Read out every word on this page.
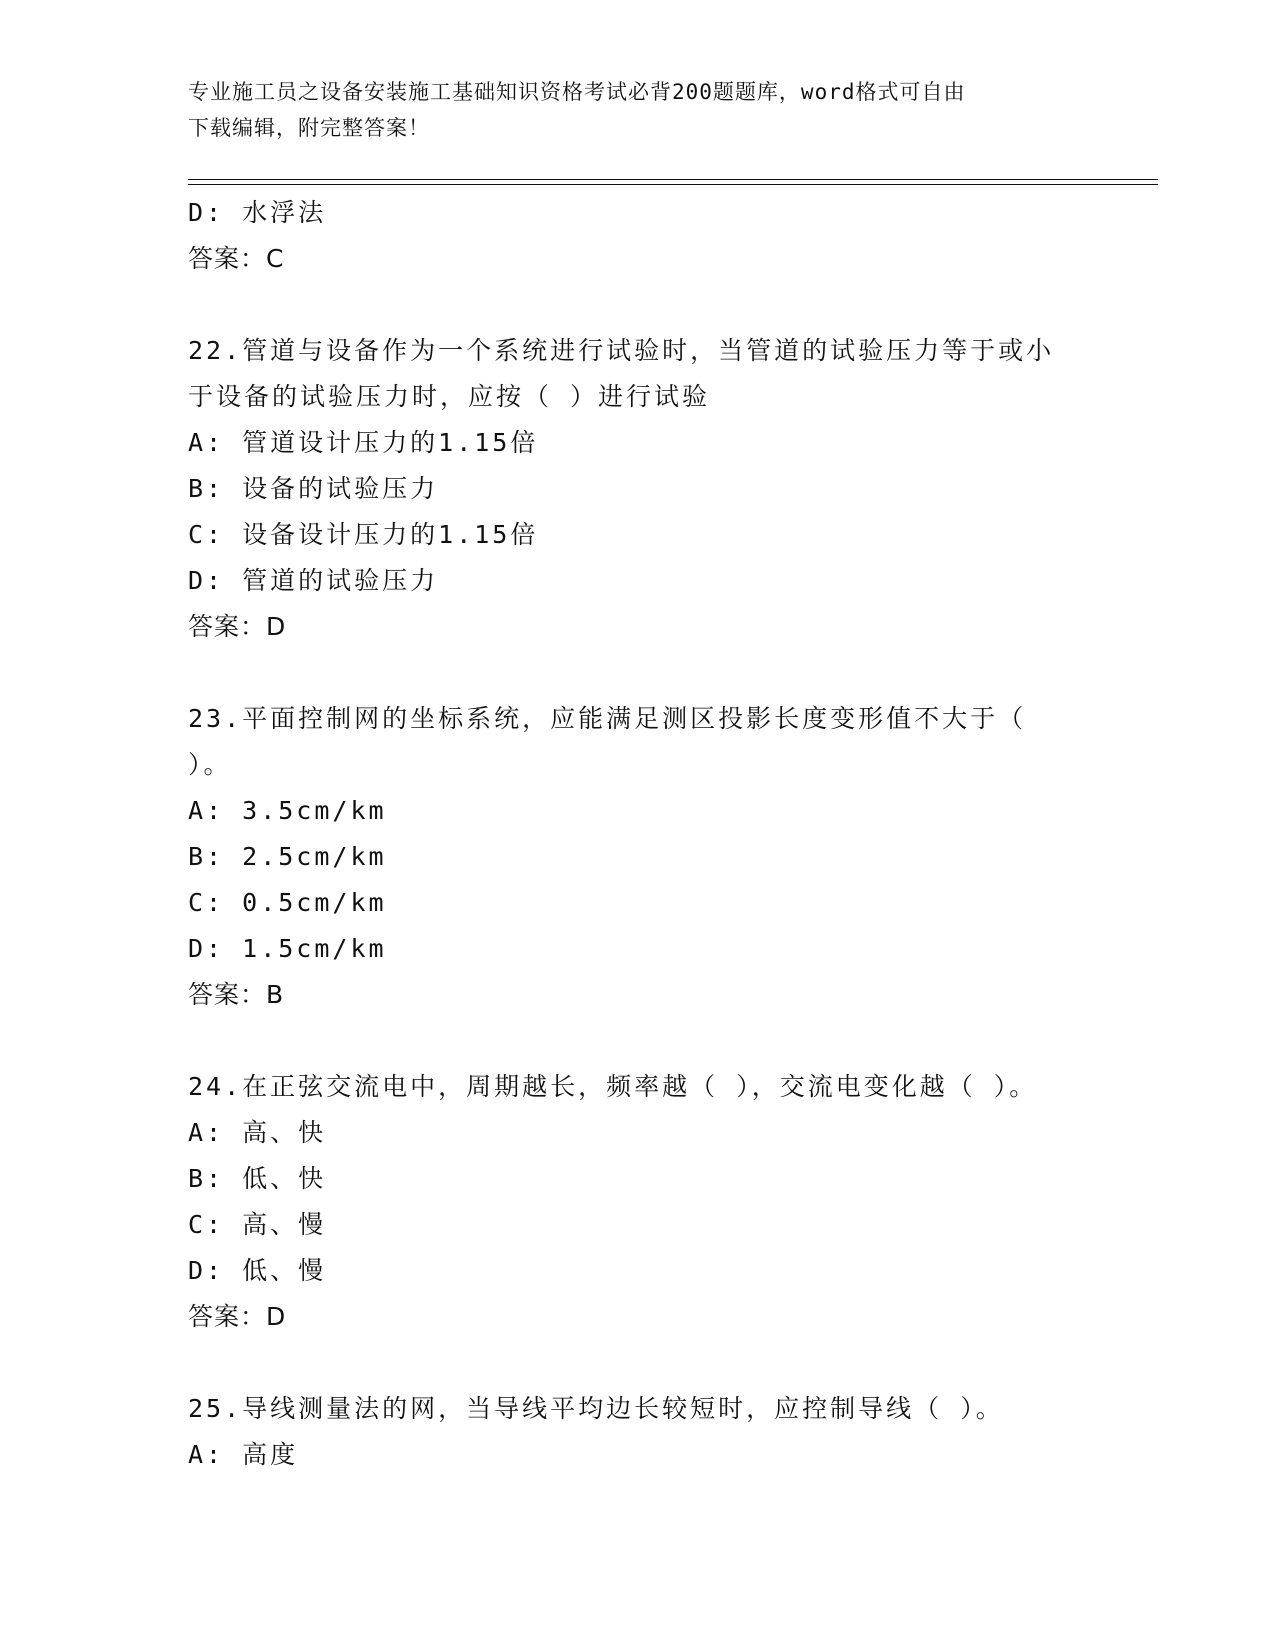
专业施工员之设备安装施工基础知识资格考试必背200题题库，word格式可自由
下载编辑，附完整答案！
D: 水浮法
答案：C
22.管道与设备作为一个系统进行试验时，当管道的试验压力等于或小
于设备的试验压力时，应按（ ）进行试验
A: 管道设计压力的1.15倍
B: 设备的试验压力
C: 设备设计压力的1.15倍
D: 管道的试验压力
答案：D
23.平面控制网的坐标系统，应能满足测区投影长度变形值不大于（
）。
A: 3.5cm/km
B: 2.5cm/km
C: 0.5cm/km
D: 1.5cm/km
答案：B
24.在正弦交流电中，周期越长，频率越（ ），交流电变化越（ ）。
A: 高、快
B: 低、快
C: 高、慢
D: 低、慢
答案：D
25.导线测量法的网，当导线平均边长较短时，应控制导线（ ）。
A: 高度
